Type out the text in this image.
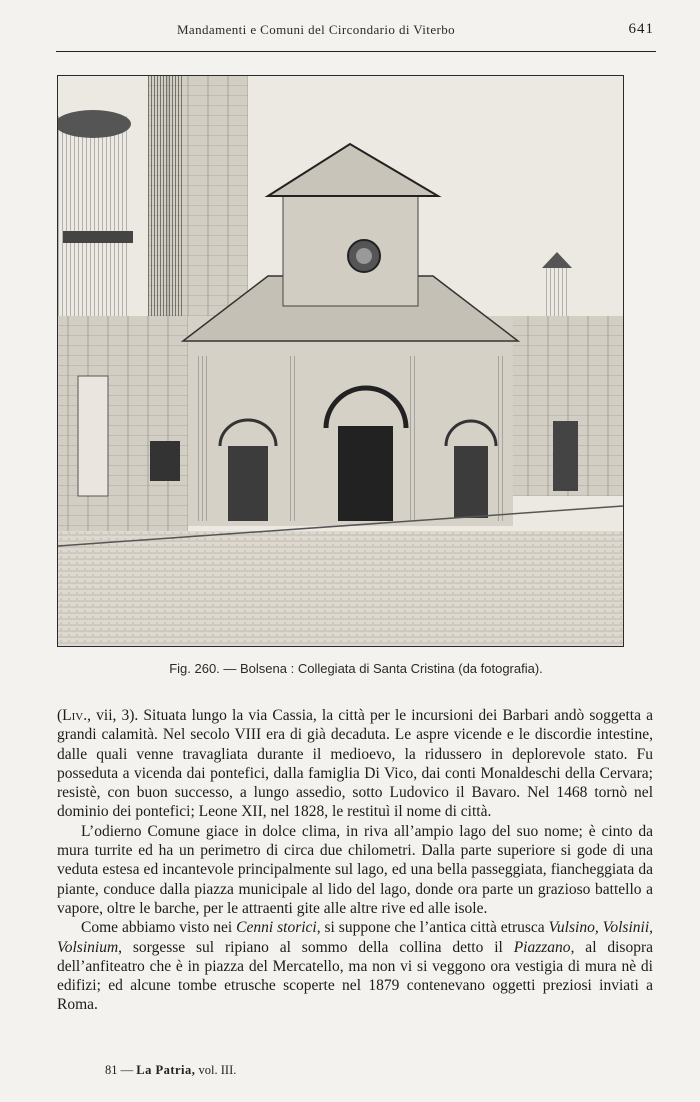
Mandamenti e Comuni del Circondario di Viterbo	641
Fig. 260. — Bolsena : Collegiata di Santa Cristina (da fotografia).

(Liv., vii, 3). Situata lungo la via Cassia, la città per le incursioni dei Barbari andò soggetta a grandi calamità. Nel secolo VIII era di già decaduta. Le aspre vicende e le discordie intestine, dalle quali venne travagliata durante il medioevo, la ridussero in deplorevole stato. Fu posseduta a vicenda dai pontefici, dalla famiglia Di Vico, dai conti Monaldeschi della Cervara; resistè, con buon successo, a lungo assedio, sotto Ludovico il Bavaro. Nel 1468 tornò nel dominio dei pontefici; Leone XII, nel 1828, le restituì il nome di città.

L’odierno Comune giace in dolce clima, in riva all’ampio lago del suo nome; è cinto da mura turrite ed ha un perimetro di circa due chilometri. Dalla parte superiore si gode di una veduta estesa ed incantevole principalmente sul lago, ed una bella passeggiata, fiancheggiata da piante, conduce dalla piazza municipale al lido del lago, donde ora parte un grazioso battello a vapore, oltre le barche, per le attraenti gite alle altre rive ed alle isole.

Come abbiamo visto nei Cenni storici, si suppone che l’antica città etrusca Vulsino, Volsinii, Volsinium, sorgesse sul ripiano al sommo della collina detto il Piazzano, al disopra dell’anfiteatro che è in piazza del Mercatello, ma non vi si veggono ora vestigia di mura nè di edifizi; ed alcune tombe etrusche scoperte nel 1879 contenevano oggetti preziosi inviati a Roma.

81 — La Patria, vol. III.
